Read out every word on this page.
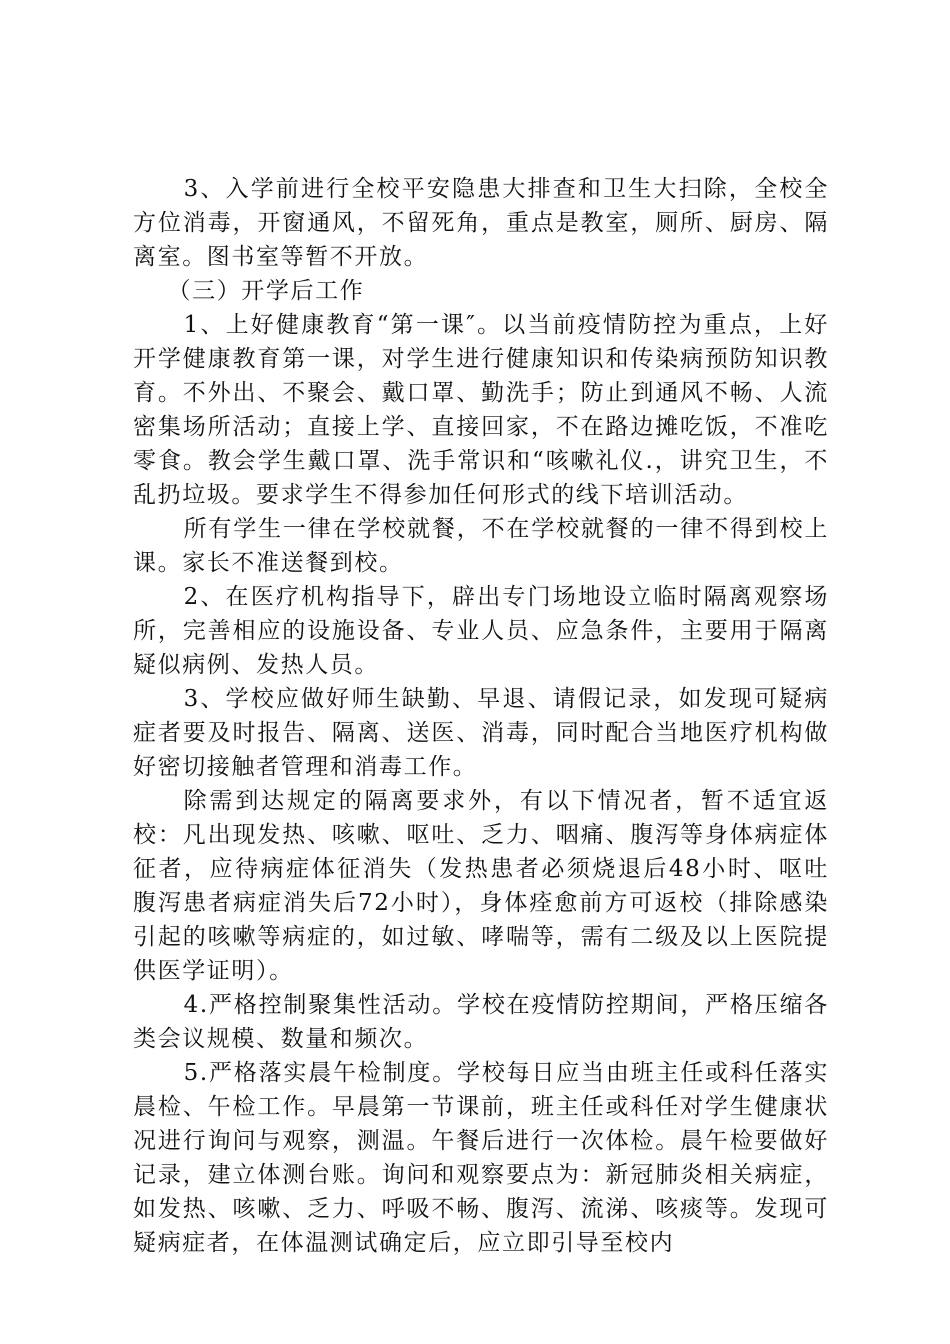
3、入学前进行全校平安隐患大排查和卫生大扫除，全校全方位消毒，开窗通风，不留死角，重点是教室，厕所、厨房、隔离室。图书室等暂不开放。

（三）开学后工作

1、上好健康教育“第一课″。以当前疫情防控为重点，上好开学健康教育第一课，对学生进行健康知识和传染病预防知识教育。不外出、不聚会、戴口罩、勤洗手；防止到通风不畅、人流密集场所活动；直接上学、直接回家，不在路边摊吃饭，不准吃零食。教会学生戴口罩、洗手常识和“咳嗽礼仪.，讲究卫生，不乱扔垃圾。要求学生不得参加任何形式的线下培训活动。

所有学生一律在学校就餐，不在学校就餐的一律不得到校上课。家长不准送餐到校。

2、在医疗机构指导下，辟出专门场地设立临时隔离观察场所，完善相应的设施设备、专业人员、应急条件，主要用于隔离疑似病例、发热人员。

3、学校应做好师生缺勤、早退、请假记录，如发现可疑病症者要及时报告、隔离、送医、消毒，同时配合当地医疗机构做好密切接触者管理和消毒工作。

除需到达规定的隔离要求外，有以下情况者，暂不适宜返校：凡出现发热、咳嗽、呕吐、乏力、咽痛、腹泻等身体病症体征者，应待病症体征消失（发热患者必须烧退后48小时、呕吐腹泻患者病症消失后72小时），身体痊愈前方可返校（排除感染引起的咳嗽等病症的，如过敏、哮喘等，需有二级及以上医院提供医学证明）。

4.严格控制聚集性活动。学校在疫情防控期间，严格压缩各类会议规模、数量和频次。

5.严格落实晨午检制度。学校每日应当由班主任或科任落实晨检、午检工作。早晨第一节课前，班主任或科任对学生健康状况进行询问与观察，测温。午餐后进行一次体检。晨午检要做好记录，建立体测台账。询问和观察要点为：新冠肺炎相关病症，如发热、咳嗽、乏力、呼吸不畅、腹泻、流涕、咳痰等。发现可疑病症者，在体温测试确定后，应立即引导至校内
